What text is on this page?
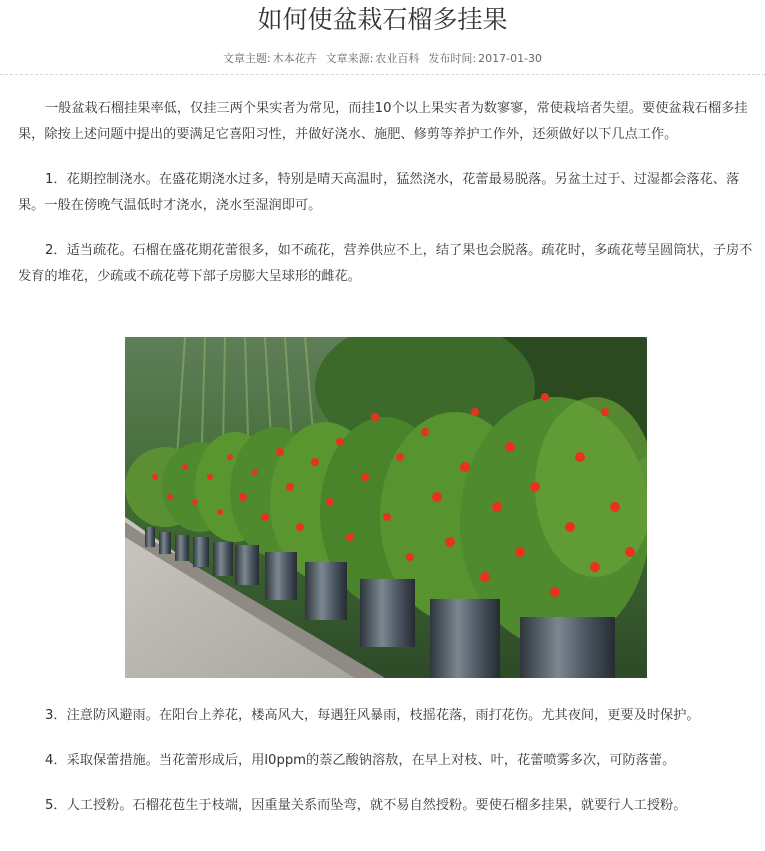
如何使盆栽石榴多挂果
文章主题: 木本花卉 文章来源: 农业百科 发布时间: 2017-01-30

一般盆栽石榴挂果率低，仅挂三两个果实者为常见，而挂10个以上果实者为数寥寥，常使栽培者失望。要使盆栽石榴多挂果，除按上述问题中提出的要满足它喜阳习性，并做好浇水、施肥、修剪等养护工作外，还须做好以下几点工作。

1．花期控制浇水。在盛花期浇水过多，特别是晴天高温时，猛然浇水，花蕾最易脱落。另盆土过于、过湿都会落花、落果。一般在傍晚气温低时才浇水，浇水至湿润即可。

2．适当疏花。石榴在盛花期花蕾很多，如不疏花，营养供应不上，结了果也会脱落。疏花时，多疏花萼呈圆筒状，子房不发育的堆花，少疏或不疏花萼下部子房膨大呈球形的雌花。

3．注意防风避雨。在阳台上养花，楼高风大，每遇狂风暴雨，枝摇花落，雨打花伤。尤其夜间，更要及时保护。

4．采取保蕾措施。当花蕾形成后，用l0ppm的萘乙酸钠溶敖，在早上对枝、叶，花蕾喷雾多次，可防落蕾。

5．人工授粉。石榴花苞生于枝端，因重量关系而坠弯，就不易自然授粉。要使石榴多挂果，就要行人工授粉。
